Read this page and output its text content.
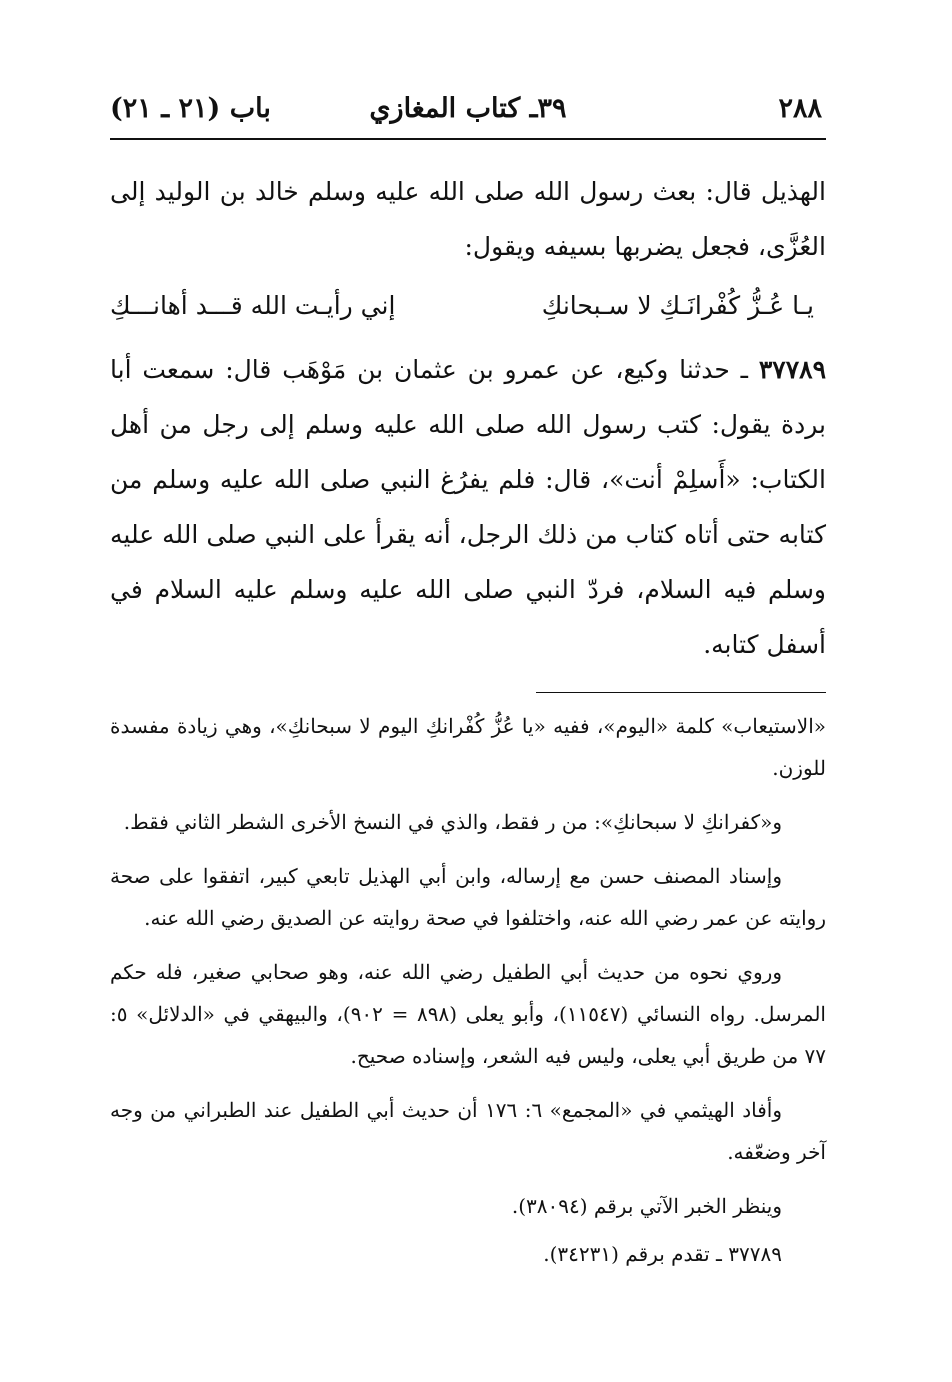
٢٨٨
٣٩ـ كتاب المغازي
باب (٢١ ـ ٢١)

الهذيل قال: بعث رسول الله صلى الله عليه وسلم خالد بن الوليد إلى العُزَّى، فجعل يضربها بسيفه ويقول:

يـا عُـزُّ كُفْرانَـكِ لا سـبحانكِ
إني رأيـت الله قـــد أهانـــكِ

٣٧٧٨٩ ـ حدثنا وكيع، عن عمرو بن عثمان بن مَوْهَب قال: سمعت أبا بردة يقول: كتب رسول الله صلى الله عليه وسلم إلى رجل من أهل الكتاب: «أَسلِمْ أنت»، قال: فلم يفرُغ النبي صلى الله عليه وسلم من كتابه حتى أتاه كتاب من ذلك الرجل، أنه يقرأ على النبي صلى الله عليه وسلم فيه السلام، فردّ النبي صلى الله عليه وسلم عليه السلام في أسفل كتابه.

«الاستيعاب» كلمة «اليوم»، ففيه «يا عُزُّ كُفْرانكِ اليوم لا سبحانكِ»، وهي زيادة مفسدة للوزن.

و«كفرانكِ لا سبحانكِ»: من ر فقط، والذي في النسخ الأخرى الشطر الثاني فقط.

وإسناد المصنف حسن مع إرساله، وابن أبي الهذيل تابعي كبير، اتفقوا على صحة روايته عن عمر رضي الله عنه، واختلفوا في صحة روايته عن الصديق رضي الله عنه.

وروي نحوه من حديث أبي الطفيل رضي الله عنه، وهو صحابي صغير، فله حكم المرسل. رواه النسائي (١١٥٤٧)، وأبو يعلى (٨٩٨ = ٩٠٢)، والبيهقي في «الدلائل» ٥: ٧٧ من طريق أبي يعلى، وليس فيه الشعر، وإسناده صحيح.

وأفاد الهيثمي في «المجمع» ٦: ١٧٦ أن حديث أبي الطفيل عند الطبراني من وجه آخر وضعّفه.

وينظر الخبر الآتي برقم (٣٨٠٩٤).

٣٧٧٨٩ ـ تقدم برقم (٣٤٢٣١).
